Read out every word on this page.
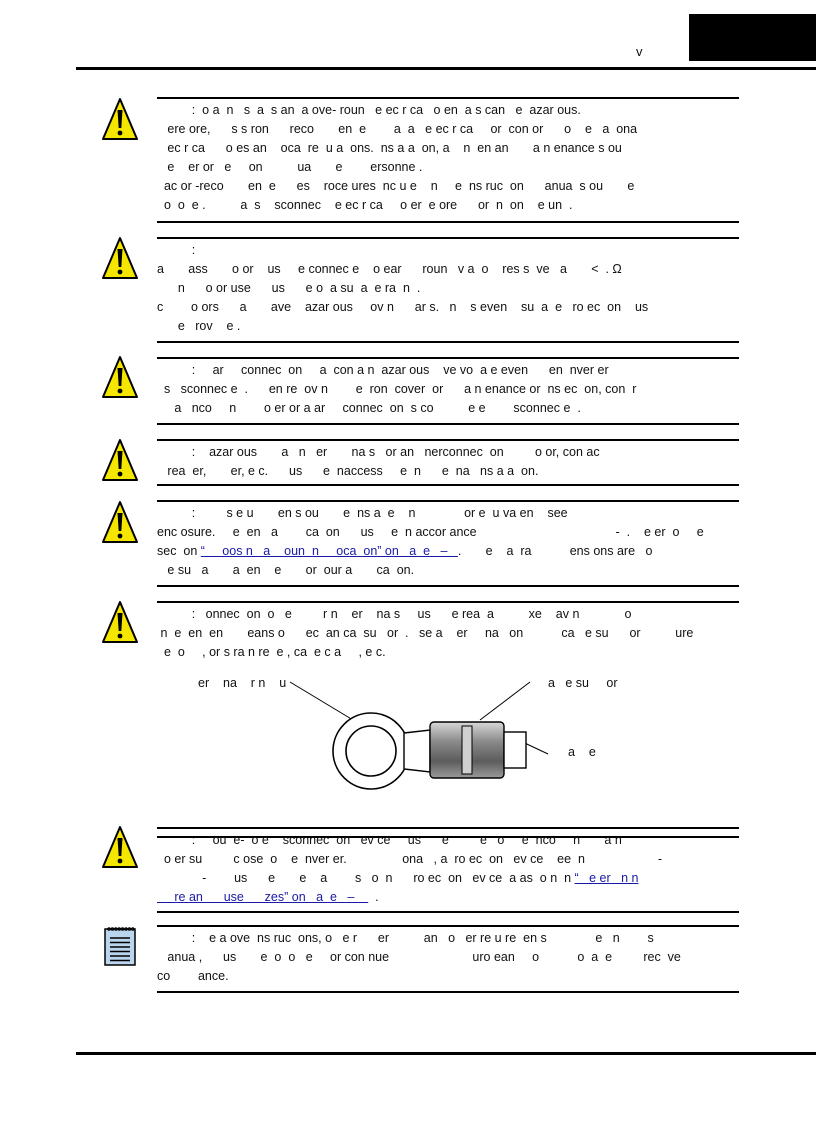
v
:  o a  n   s  a  s an  a ove- roun   e ec r ca   o en  a s can   e  azar ous.
ere ore,      s s ron      reco       en  e        a  a   e ec r ca     or  con or      o    e   a  ona
ec r ca      o es an    oca  re  u a  ons.  ns a a  on, a    n  en an       a n enance s ou
e    er or   e     on          ua       e        ersonne .
ac or -reco       en  e      es    roce ures  nc u e    n     e  ns ruc  on      anua  s ou       e
o  o  e .          a  s    sconnec    e ec r ca     o er  e ore      or  n  on    e un  .
:
a       ass       o or    us     e connec e    o ear      roun   v a  o    res s  ve   a       <  . Ω
n      o or use      us      e o  a su  a  e ra  n  .
c        o ors      a       ave    azar ous     ov n      ar s.   n    s even    su  a  e   ro ec  on    us
e   rov    e .
:     ar     connec  on     a  con a n  azar ous    ve vo  a e even      en  nver er
s   sconnec e  .      en re  ov n        e  ron  cover  or      a n enance or  ns ec  on, con  r
a   nco     n        o er or a ar     connec  on  s co          e e        sconnec e  .
:    azar ous       a   n   er       na s   or an   nerconnec  on         o or, con ac
rea  er,       er, e c.      us      e  naccess     e  n      e  na   ns a a  on.
:         s e u       en s ou       e  ns a  e    n              or e  u va en    see
enc osure.     e  en   a        ca  on      us     e  n accor ance                                        -  .    e er  o     e
sec  on “     oos n   a    oun  n     oca  on” on   a  e   –   .       e    a  ra           ens ons are   o
e su   a       a  en    e       or  our a       ca  on.
:   onnec  on  o   e         r n    er    na s     us      e rea  a          xe    av n             o
n  e  en  en       eans o      ec  an ca  su   or  .   se a    er     na   on           ca   e su      or          ure
e  o     , or s ra n re  e , ca  e c a     , e c.
:     ou  e-  o e    sconnec  on   ev ce     us      e         e   o     e  nco     n       a n
o er su         c ose  o    e  nver er.                ona   , a  ro ec  on   ev ce    ee  n                     -
-        us      e       e    a        s   o  n      ro ec  on   ev ce  a as  o n  n “   e er   n n
re an      use      zes” on   a  e   –      .
:    e a ove  ns ruc  ons, o   e r      er          an   o   er re u re  en s              e   n        s
anua ,      us       e  o  o   e     or con nue                        uro ean     o           o  a  e         rec  ve
co        ance.
er    na    r n    u	a   e su     or
a    e
